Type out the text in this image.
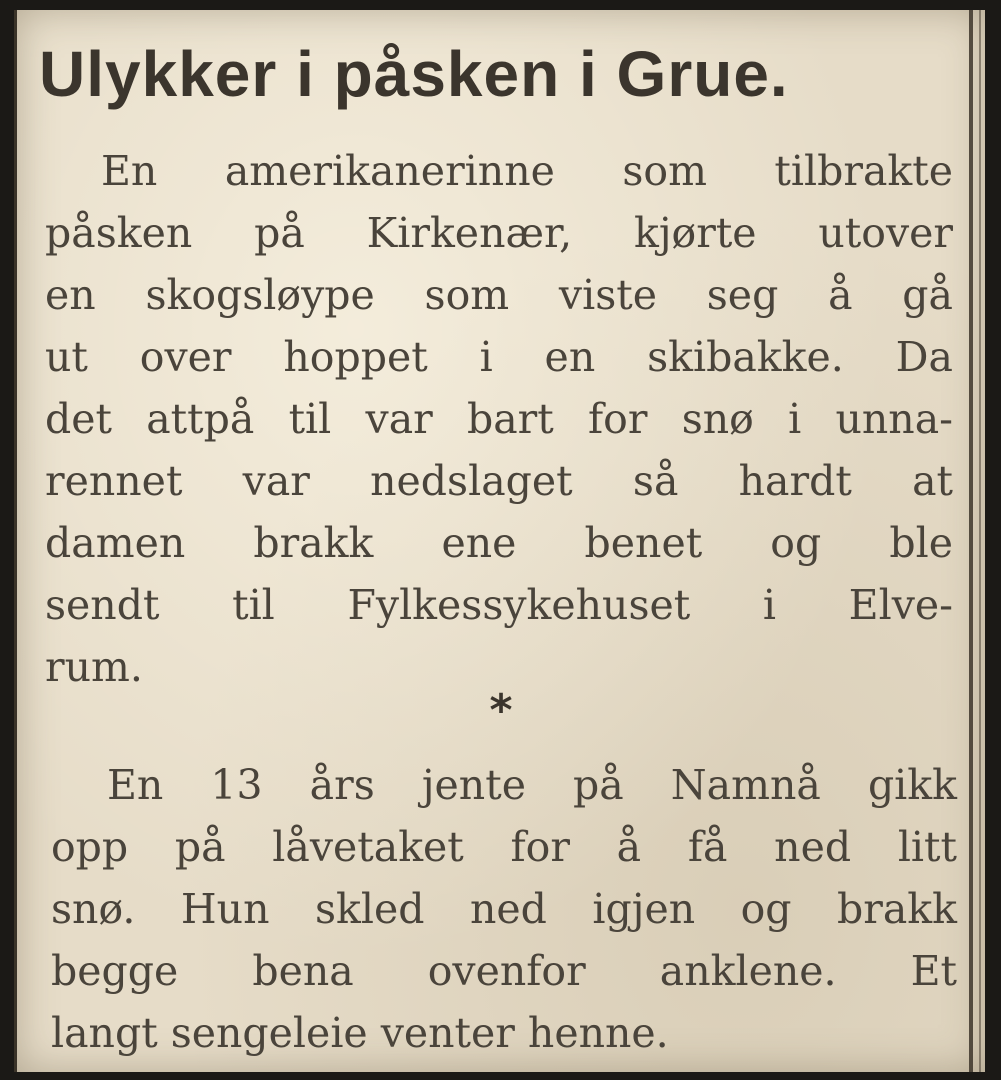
Ulykker i påsken i Grue.
En amerikanerinne som tilbrakte
påsken på Kirkenær, kjørte utover
en skogsløype som viste seg å gå
ut over hoppet i en skibakke. Da
det attpå til var bart for snø i unna-
rennet var nedslaget så hardt at
damen brakk ene benet og ble
sendt til Fylkessykehuset i Elve-
rum.
*
En 13 års jente på Namnå gikk
opp på låvetaket for å få ned litt
snø. Hun skled ned igjen og brakk
begge bena ovenfor anklene. Et
langt sengeleie venter henne.
